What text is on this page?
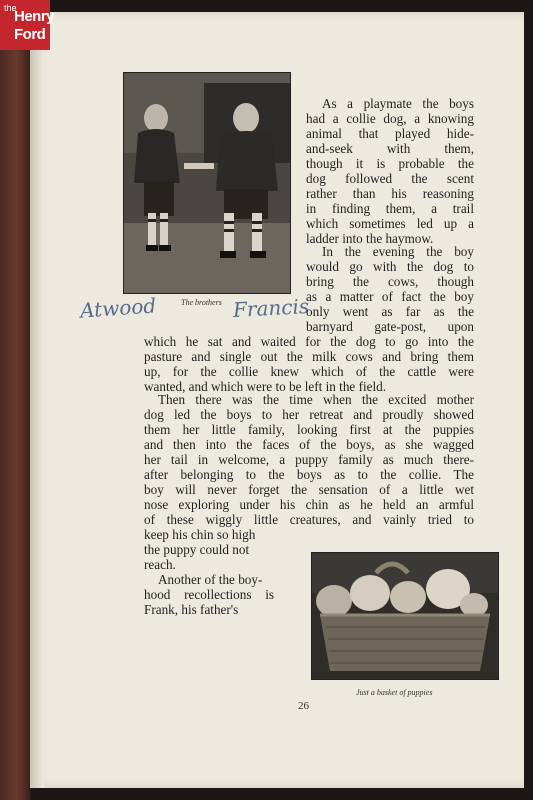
the
Henry
Ford
Atwood	The brothers Francis
As a playmate the boys
had a collie dog, a knowing
animal that played hide-
and-seek with them,
though it is probable the
dog followed the scent
rather than his reasoning
in finding them, a trail
which sometimes led up a
ladder into the haymow.
In the evening the boy
would go with the dog to
bring the cows, though
as a matter of fact the boy
only went as far as the
barnyard gate-post, upon
which he sat and waited for the dog to go into the
pasture and single out the milk cows and bring them
up, for the collie knew which of the cattle were
wanted, and which were to be left in the field.
Then there was the time when the excited mother
dog led the boys to her retreat and proudly showed
them her little family, looking first at the puppies
and then into the faces of the boys, as she wagged
her tail in welcome, a puppy family as much there-
after belonging to the boys as to the collie. The
boy will never forget the sensation of a little wet
nose exploring under his chin as he held an armful
of these wiggly little creatures, and vainly tried to
keep his chin so high
the puppy could not
reach.
Another of the boy-
hood recollections is
Frank, his father's
Just a basket of puppies
26
